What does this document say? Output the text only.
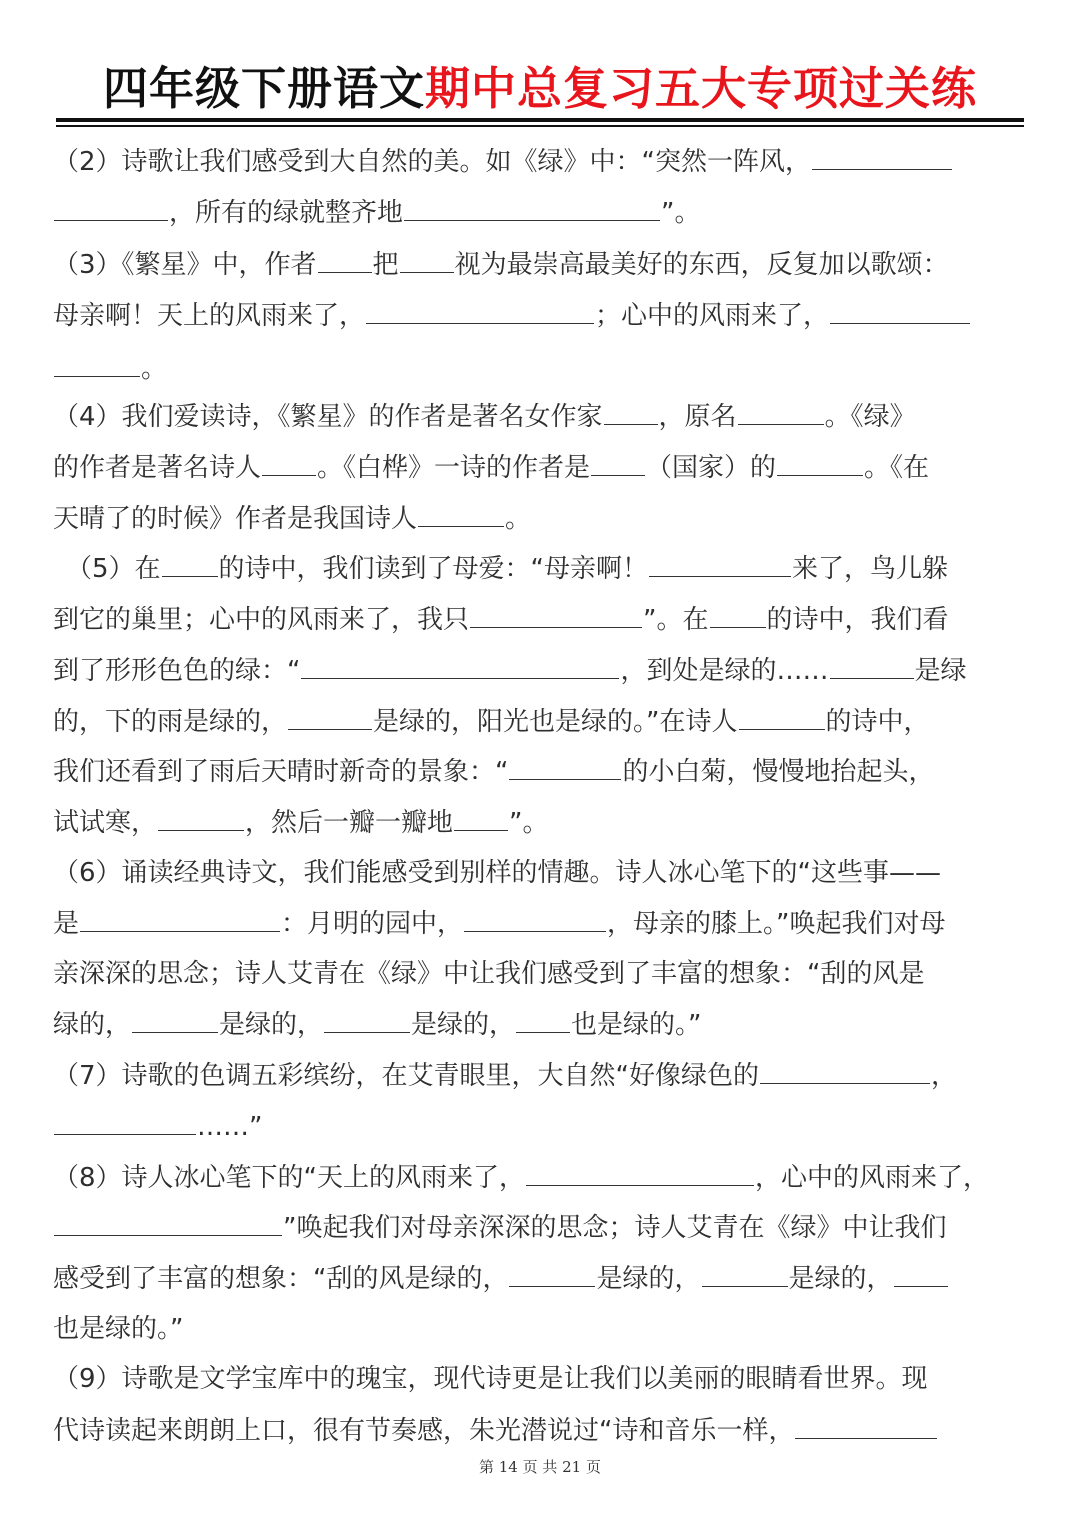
四年级下册语文期中总复习五大专项过关练
（2）诗歌让我们感受到大自然的美。如《绿》中：“突然一阵风，
，所有的绿就整齐地	”。
（3）《繁星》中，作者 把 视为最崇高最美好的东西，反复加以歌颂：
母亲啊！天上的风雨来了，	；心中的风雨来了，
。
（4）我们爱读诗，《繁星》的作者是著名女作家 ，原名	。《绿》
的作者是著名诗人 。《白桦》一诗的作者是 （国家）的	。《在
天晴了的时候》作者是我国诗人	。
（5）在 的诗中，我们读到了母爱：“母亲啊！	来了，鸟儿躲
到它的巢里；心中的风雨来了，我只	”。在 的诗中，我们看
到了形形色色的绿：“	，到处是绿的……	是绿
的，下的雨是绿的，	是绿的，阳光也是绿的。”在诗人	的诗中，
我们还看到了雨后天晴时新奇的景象：“	的小白菊，慢慢地抬起头，
试试寒，	，然后一瓣一瓣地 ”。
（6）诵读经典诗文，我们能感受到别样的情趣。诗人冰心笔下的“这些事——
是	：月明的园中，	，母亲的膝上。”唤起我们对母
亲深深的思念；诗人艾青在《绿》中让我们感受到了丰富的想象：“刮的风是
绿的，	是绿的，	是绿的， 也是绿的。”
（7）诗歌的色调五彩缤纷，在艾青眼里，大自然“好像绿色的	，
……”
（8）诗人冰心笔下的“天上的风雨来了，	，心中的风雨来了，
”唤起我们对母亲深深的思念；诗人艾青在《绿》中让我们
感受到了丰富的想象：“刮的风是绿的，	是绿的，	是绿的，
也是绿的。”
（9）诗歌是文学宝库中的瑰宝，现代诗更是让我们以美丽的眼睛看世界。现
代诗读起来朗朗上口，很有节奏感，朱光潜说过“诗和音乐一样，
第 14 页 共 21 页
